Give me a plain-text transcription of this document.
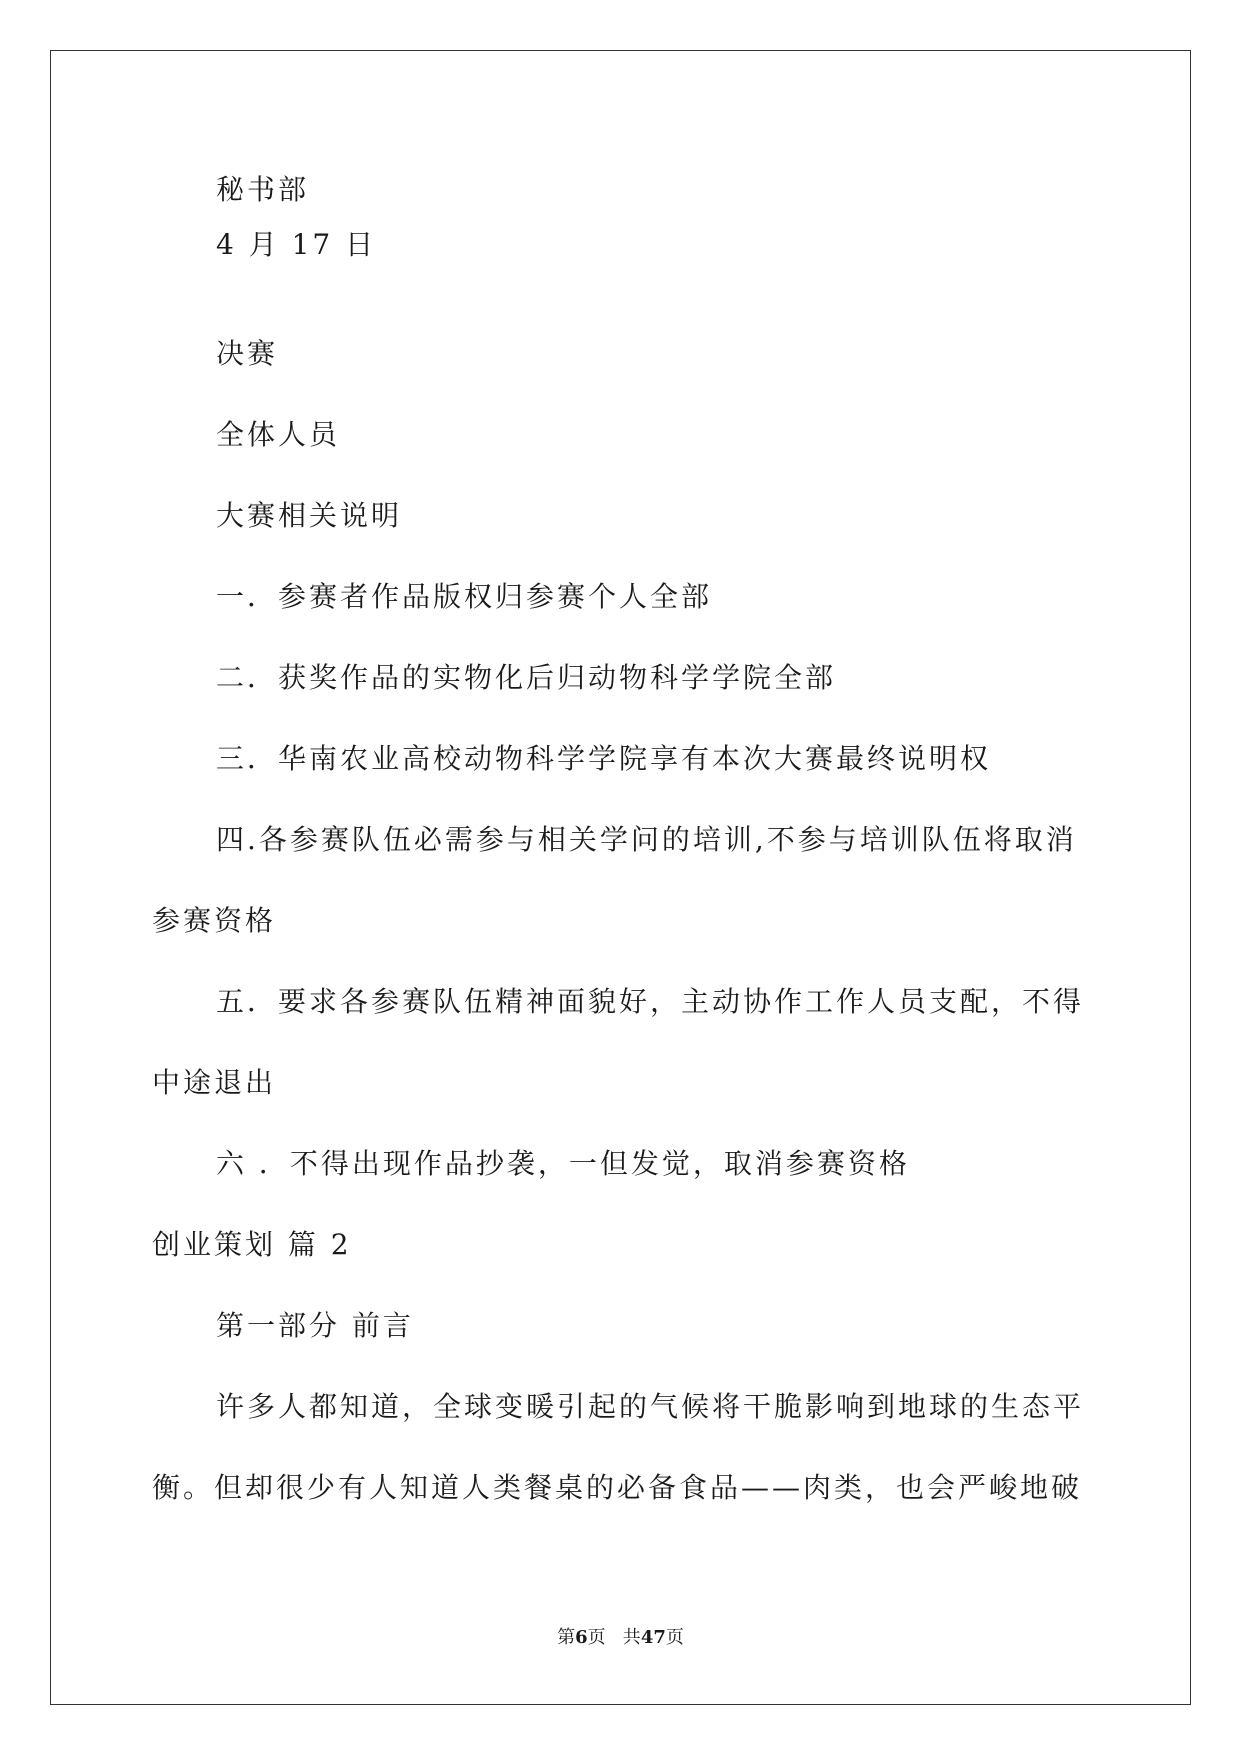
秘书部
4 月 17 日
决赛
全体人员
大赛相关说明
一．参赛者作品版权归参赛个人全部
二．获奖作品的实物化后归动物科学学院全部
三．华南农业高校动物科学学院享有本次大赛最终说明权
四.各参赛队伍必需参与相关学问的培训,不参与培训队伍将取消
参赛资格
五．要求各参赛队伍精神面貌好，主动协作工作人员支配，不得
中途退出
六 ．不得出现作品抄袭，一但发觉，取消参赛资格
创业策划 篇 2
第一部分 前言
许多人都知道，全球变暖引起的气候将干脆影响到地球的生态平
衡。但却很少有人知道人类餐桌的必备食品——肉类，也会严峻地破
第6页   共47页
